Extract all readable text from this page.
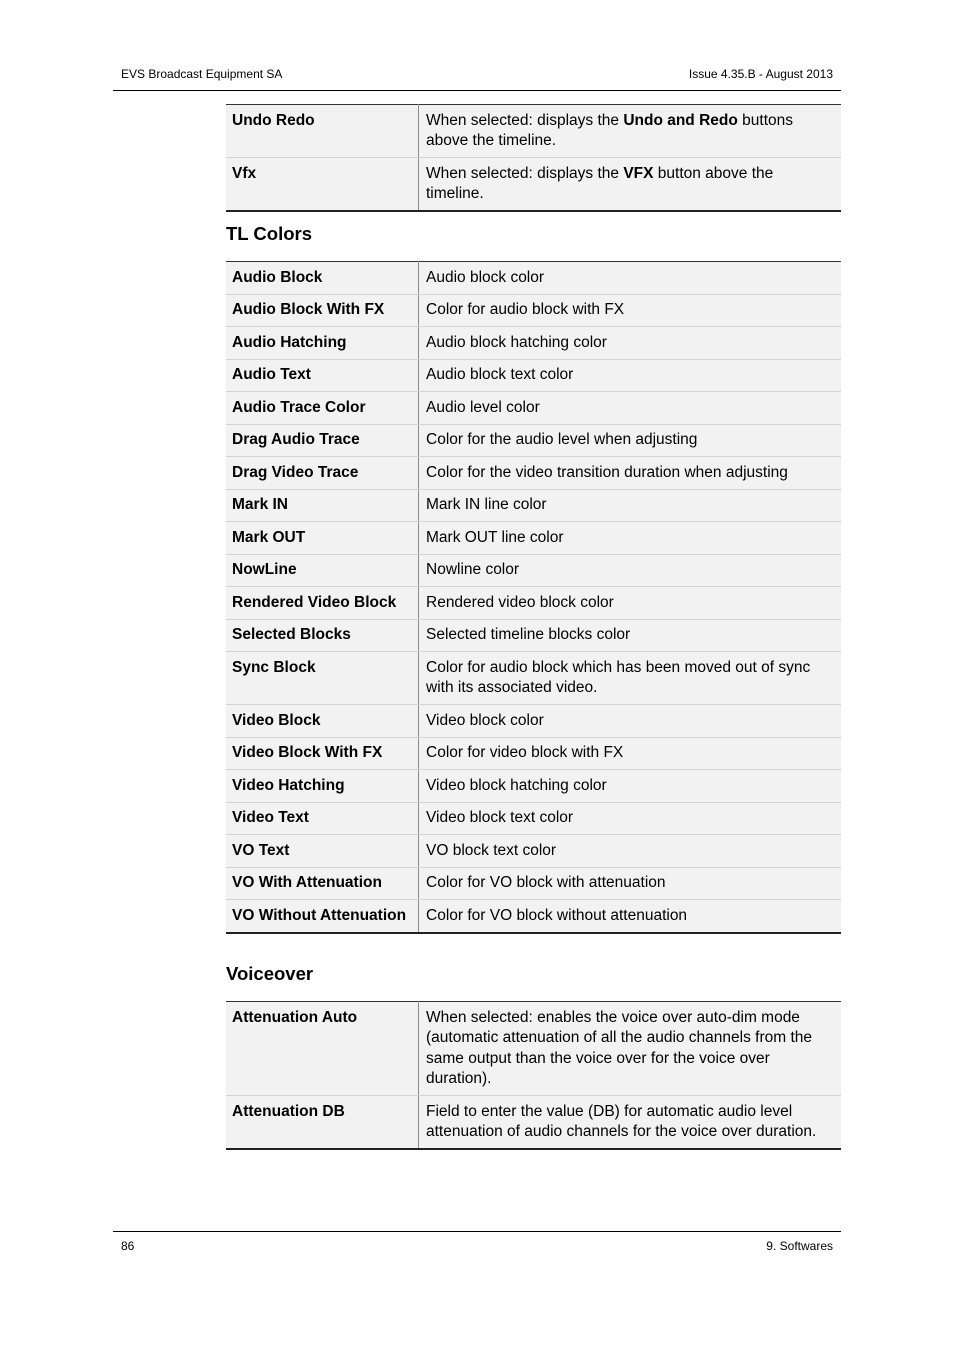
EVS Broadcast Equipment SA	Issue 4.35.B - August 2013
Undo Redo	When selected: displays the Undo and Redo buttons above the timeline.
Vfx	When selected: displays the VFX button above the timeline.
TL Colors
Audio Block	Audio block color
Audio Block With FX	Color for audio block with FX
Audio Hatching	Audio block hatching color
Audio Text	Audio block text color
Audio Trace Color	Audio level color
Drag Audio Trace	Color for the audio level when adjusting
Drag Video Trace	Color for the video transition duration when adjusting
Mark IN	Mark IN line color
Mark OUT	Mark OUT line color
NowLine	Nowline color
Rendered Video Block	Rendered video block color
Selected Blocks	Selected timeline blocks color
Sync Block	Color for audio block which has been moved out of sync with its associated video.
Video Block	Video block color
Video Block With FX	Color for video block with FX
Video Hatching	Video block hatching color
Video Text	Video block text color
VO Text	VO block text color
VO With Attenuation	Color for VO block with attenuation
VO Without Attenuation	Color for VO block without attenuation
Voiceover
Attenuation Auto	When selected: enables the voice over auto-dim mode (automatic attenuation of all the audio channels from the same output than the voice over for the voice over duration).
Attenuation DB	Field to enter the value (DB) for automatic audio level attenuation of audio channels for the voice over duration.
86	9. Softwares
